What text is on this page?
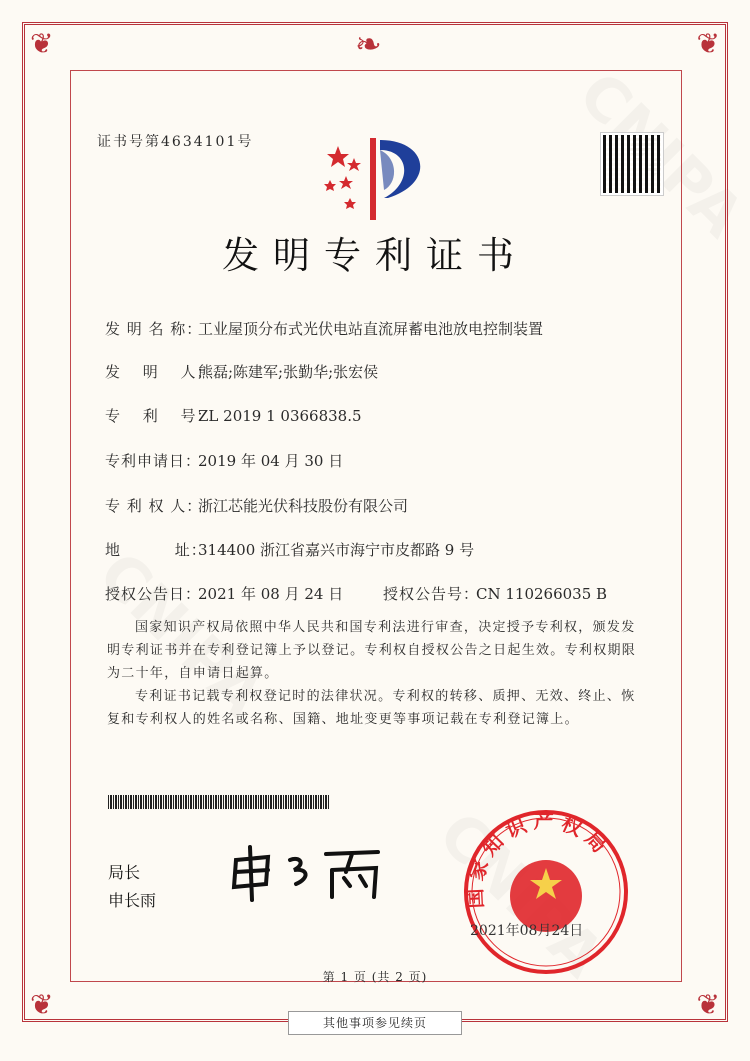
❦	❦
❦	❦
❧
证书号第4634101号
发明专利证书
发 明 名 称：工业屋顶分布式光伏电站直流屏蓄电池放电控制装置
发　 明　 人：熊磊;陈建军;张勤华;张宏侯
专　 利　 号：ZL 2019 1 0366838.5
专利申请日：2019 年 04 月 30 日
专 利 权 人：浙江芯能光伏科技股份有限公司
地　　　 址：314400 浙江省嘉兴市海宁市皮都路 9 号
授权公告日：2021 年 08 月 24 日	授权公告号：CN 110266035 B
国家知识产权局依照中华人民共和国专利法进行审查，决定授予专利权，颁发发明专利证书并在专利登记簿上予以登记。专利权自授权公告之日起生效。专利权期限为二十年，自申请日起算。
专利证书记载专利权登记时的法律状况。专利权的转移、质押、无效、终止、恢复和专利权人的姓名或名称、国籍、地址变更等事项记载在专利登记簿上。
局长
申长雨	国家知识产权局
2021年08月24日
第 1 页 (共 2 页)
其他事项参见续页
